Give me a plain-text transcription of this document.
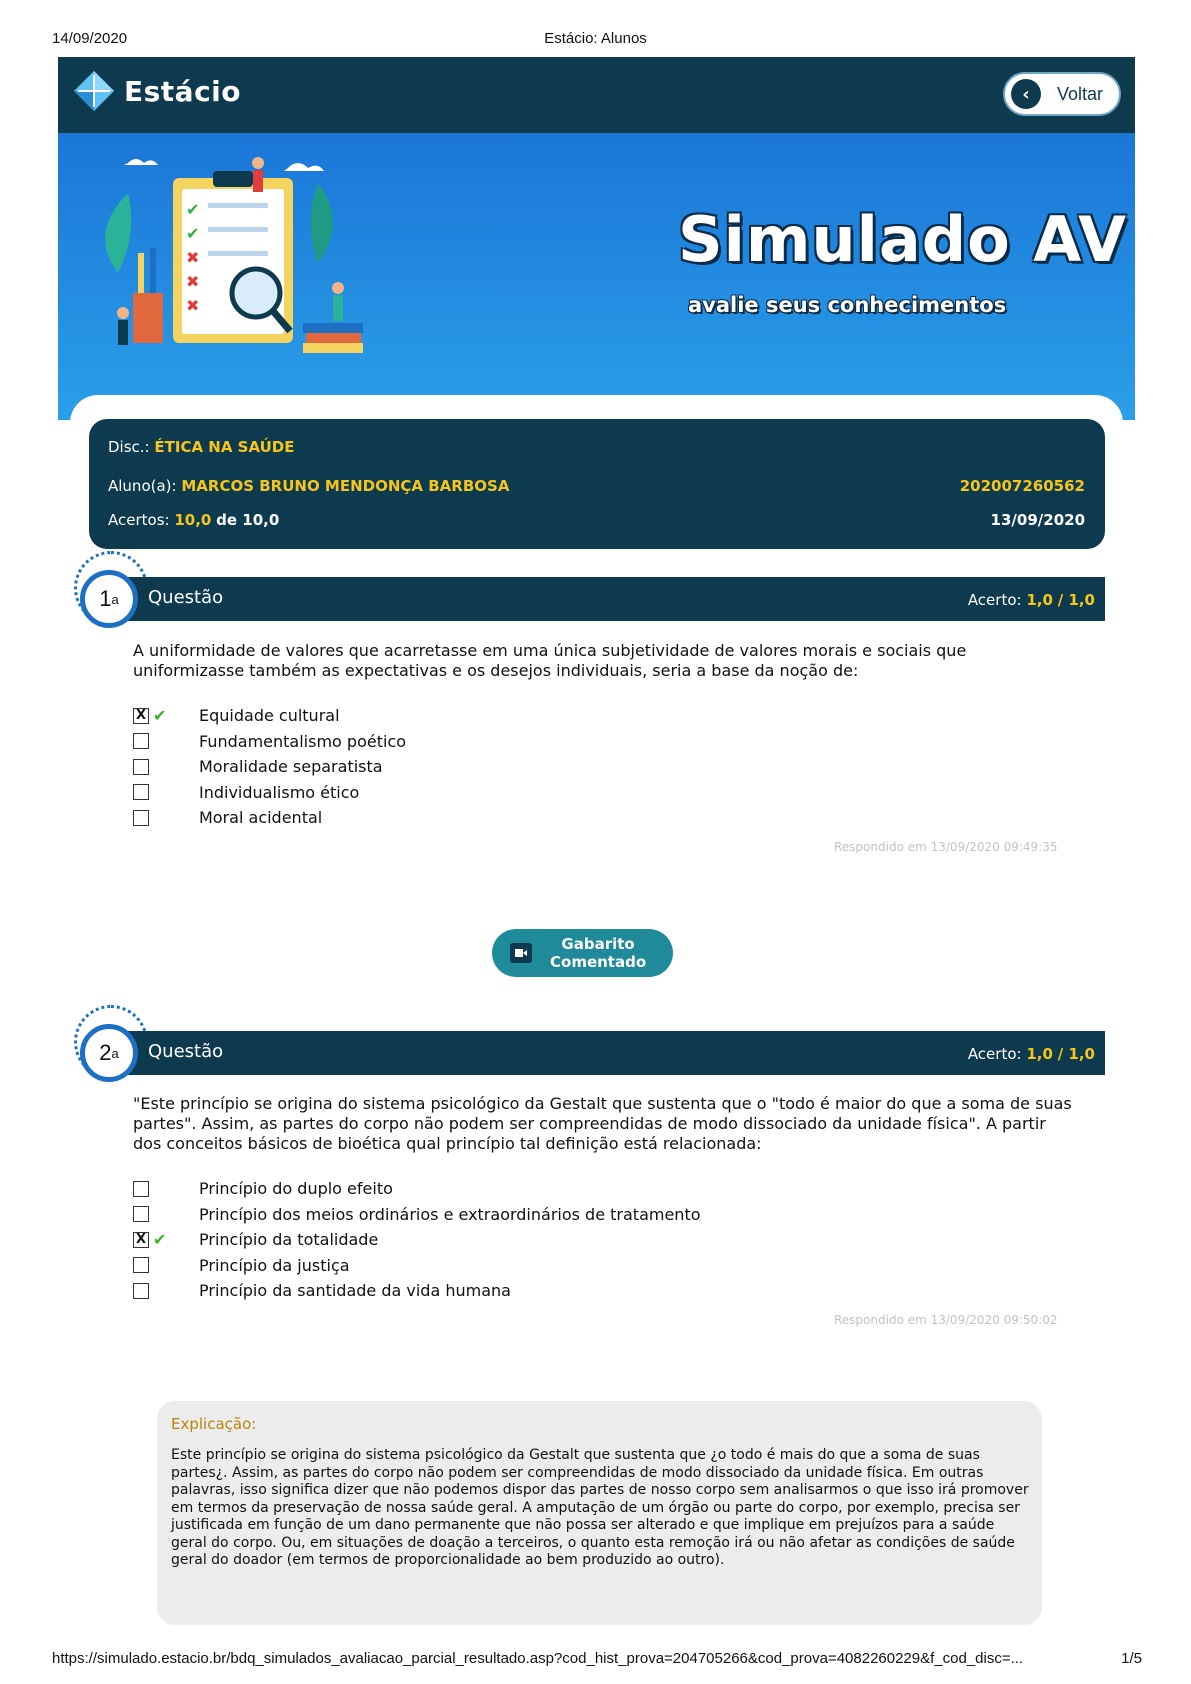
14/09/2020	Estácio: Alunos
Estácio	‹	Voltar
✔
✔
✖
✖
✖
Simulado AV
avalie seus conhecimentos
Disc.: ÉTICA NA SAÚDE
Aluno(a): MARCOS BRUNO MENDONÇA BARBOSA	202007260562
Acertos: 10,0 de 10,0	13/09/2020
Questão	Acerto: 1,0 / 1,0
1 a
A uniformidade de valores que acarretasse em uma única subjetividade de valores morais e sociais que uniformizasse também as expectativas e os desejos individuais, seria a base da noção de:
X ✔	Equidade cultural
Fundamentalismo poético
Moralidade separatista
Individualismo ético
Moral acidental
Respondido em 13/09/2020 09:49:35
Gabarito
Comentado
Questão	Acerto: 1,0 / 1,0
2 a
"Este princípio se origina do sistema psicológico da Gestalt que sustenta que o "todo é maior do que a soma de suas partes". Assim, as partes do corpo não podem ser compreendidas de modo dissociado da unidade física". A partir dos conceitos básicos de bioética qual princípio tal definição está relacionada:
Princípio do duplo efeito
Princípio dos meios ordinários e extraordinários de tratamento
X ✔	Princípio da totalidade
Princípio da justiça
Princípio da santidade da vida humana
Respondido em 13/09/2020 09:50:02
Explicação:
Este princípio se origina do sistema psicológico da Gestalt que sustenta que ¿o todo é mais do que a soma de suas partes¿. Assim, as partes do corpo não podem ser compreendidas de modo dissociado da unidade física. Em outras palavras, isso significa dizer que não podemos dispor das partes de nosso corpo sem analisarmos o que isso irá promover em termos da preservação de nossa saúde geral. A amputação de um órgão ou parte do corpo, por exemplo, precisa ser justificada em função de um dano permanente que não possa ser alterado e que implique em prejuízos para a saúde geral do corpo. Ou, em situações de doação a terceiros, o quanto esta remoção irá ou não afetar as condições de saúde geral do doador (em termos de proporcionalidade ao bem produzido ao outro).
https://simulado.estacio.br/bdq_simulados_avaliacao_parcial_resultado.asp?cod_hist_prova=204705266&cod_prova=4082260229&f_cod_disc=...	1/5
